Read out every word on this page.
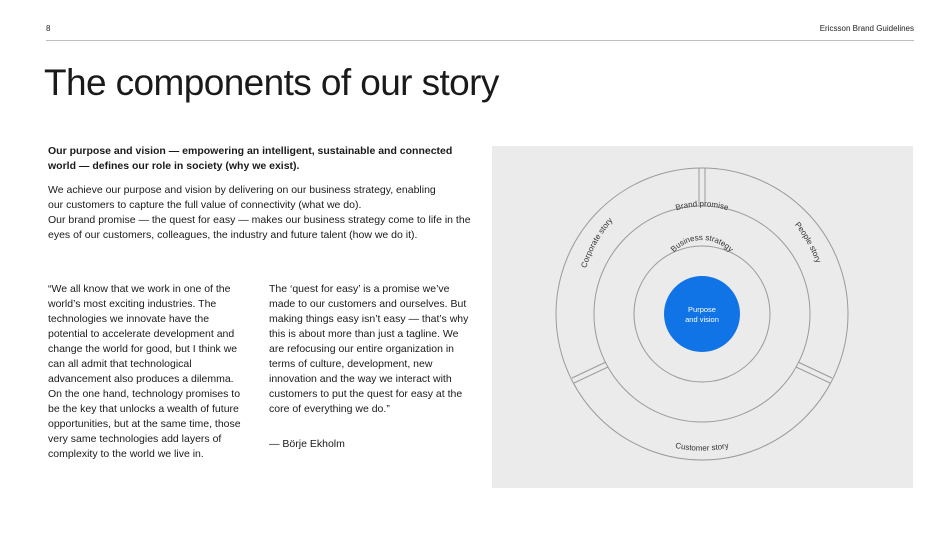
8	Ericsson Brand Guidelines
The components of our story

Our purpose and vision — empowering an intelligent, sustainable and connected world — defines our role in society (why we exist).

We achieve our purpose and vision by delivering on our business strategy, enabling our customers to capture the full value of connectivity (what we do).

Our brand promise — the quest for easy — makes our business strategy come to life in the eyes of our customers, colleagues, the industry and future talent (how we do it).

“We all know that we work in one of the world’s most exciting industries. The technologies we innovate have the potential to accelerate development and change the world for good, but I think we can all admit that technological advancement also produces a dilemma. On the one hand, technology promises to be the key that unlocks a wealth of future opportunities, but at the same time, those very same technologies add layers of complexity to the world we live in.

The ‘quest for easy’ is a promise we’ve made to our customers and ourselves. But making things easy isn’t easy — that’s why this is about more than just a tagline. We are refocusing our entire organization in terms of culture, development, new innovation and the way we interact with customers to put the quest for easy at the core of everything we do.”

— Börje Ekholm

Purpose
and vision
Business strategy
Brand promise
Corporate story	People story
Customer story
